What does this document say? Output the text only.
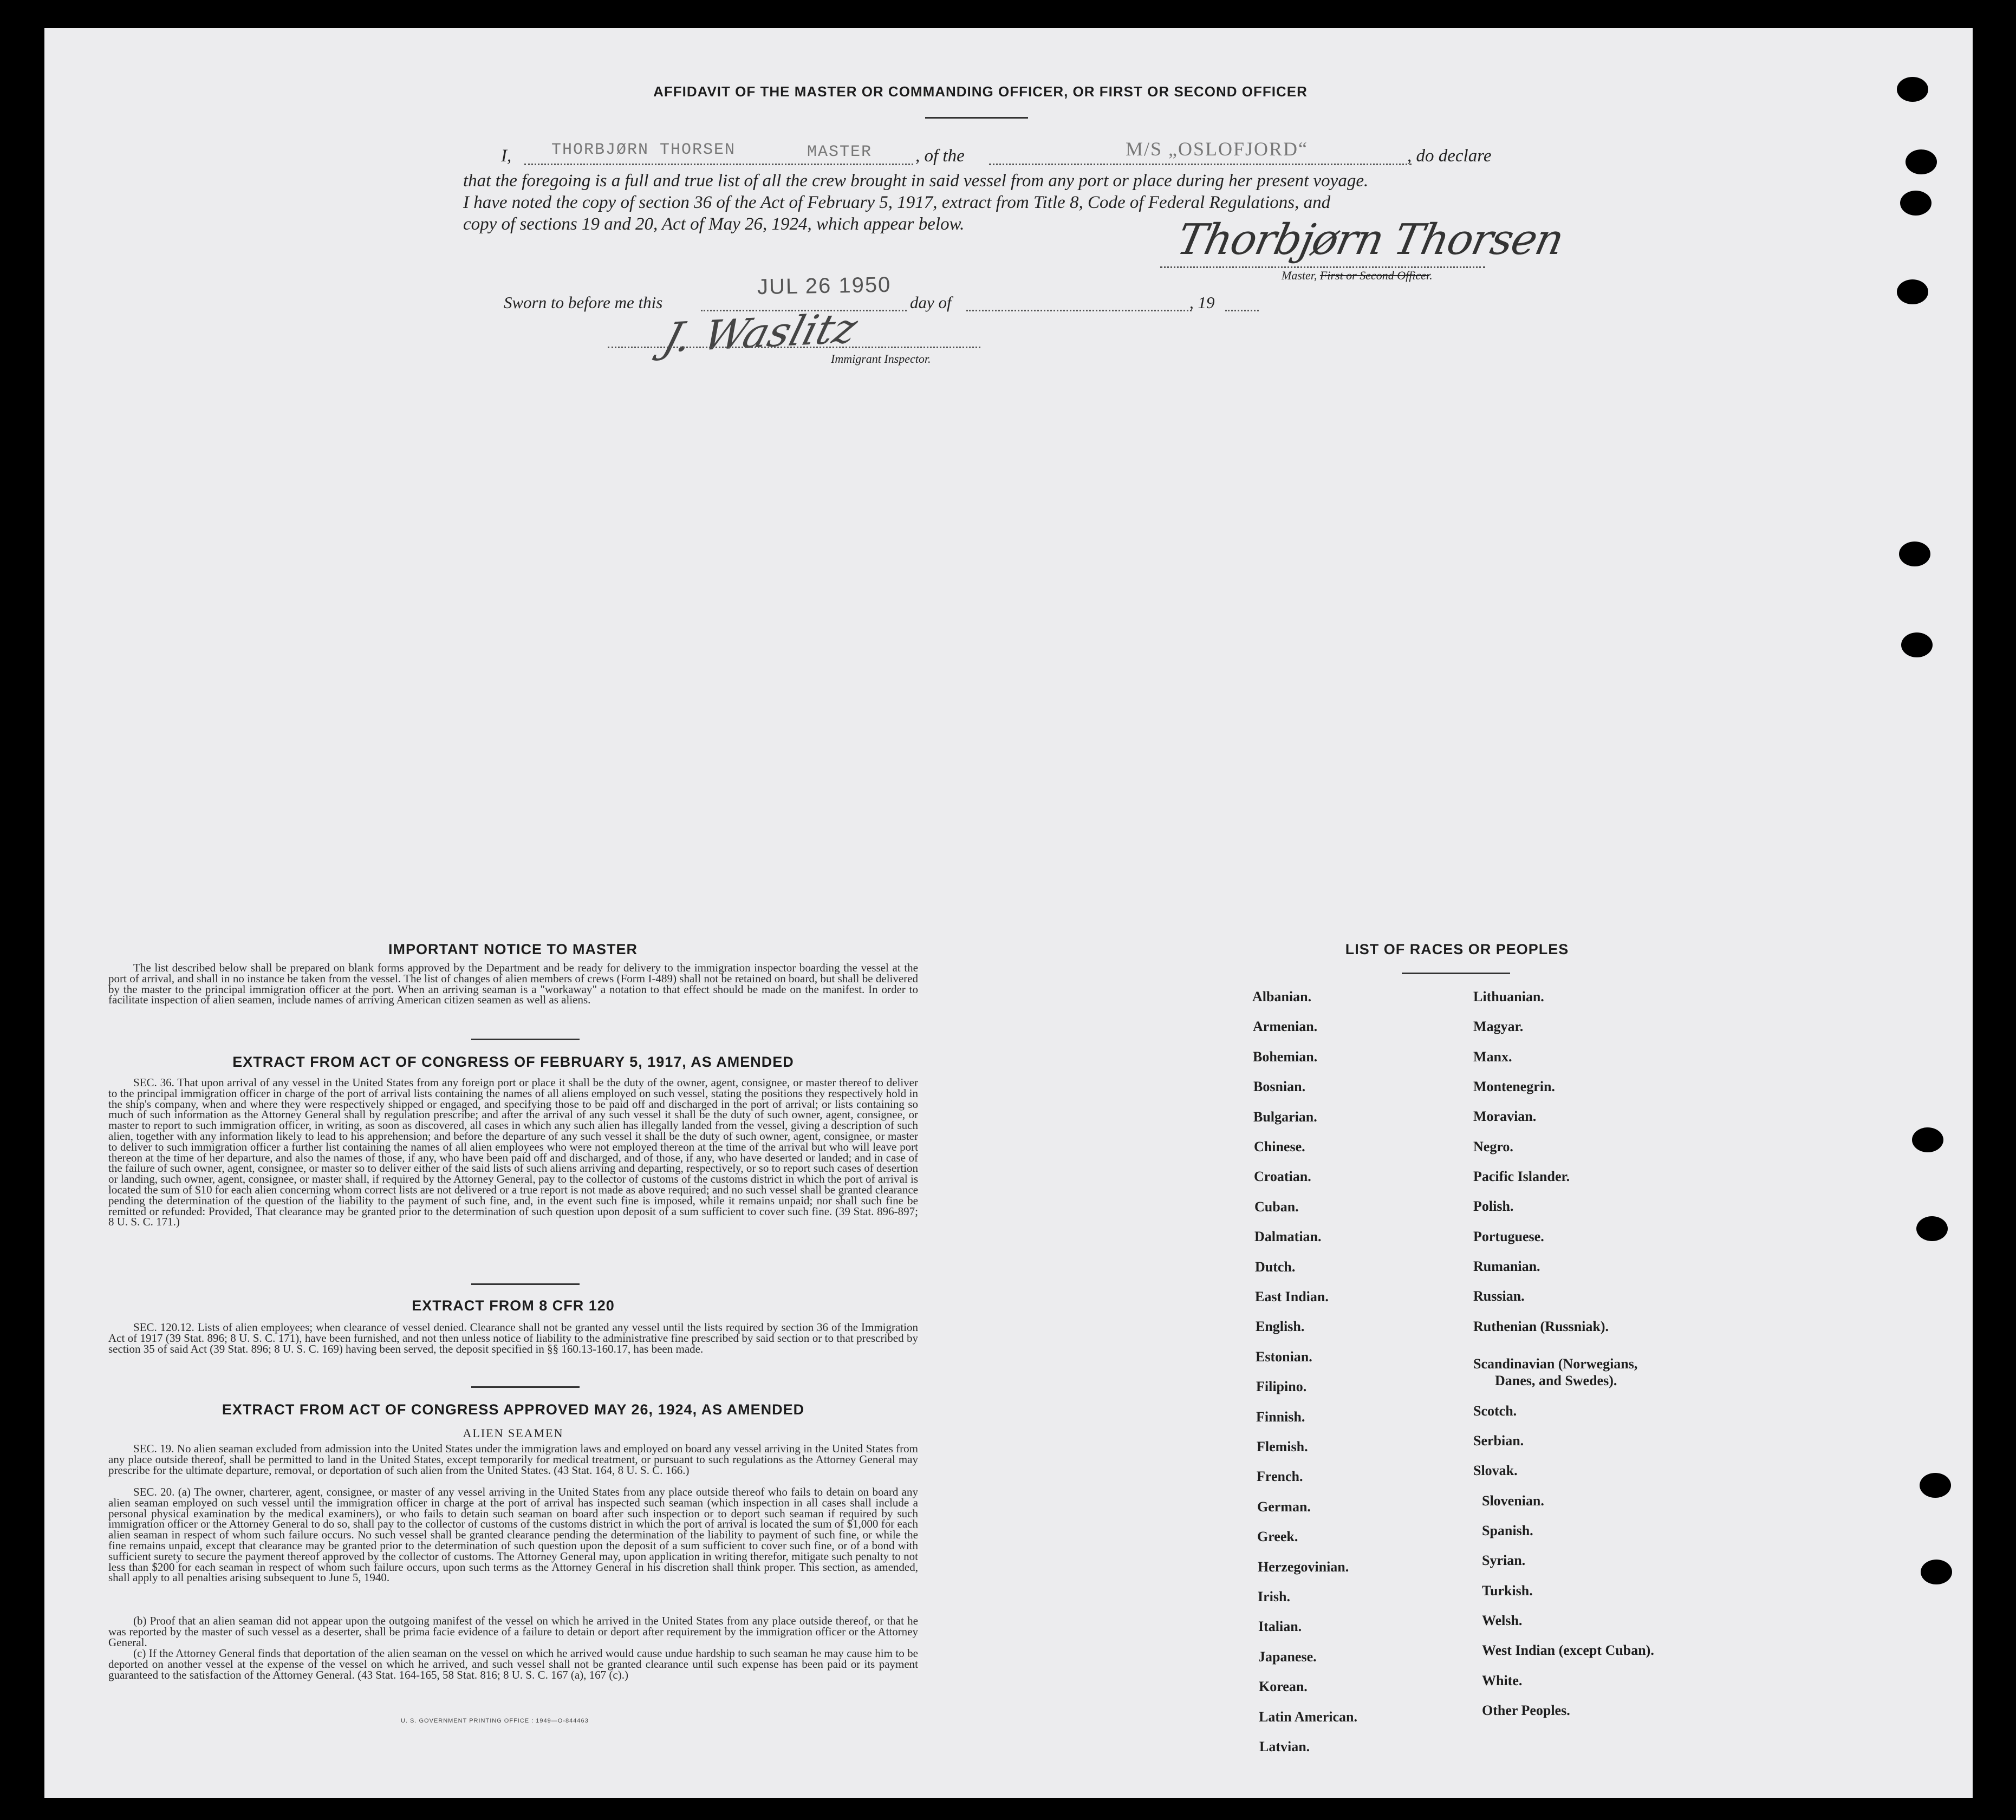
AFFIDAVIT OF THE MASTER OR COMMANDING OFFICER, OR FIRST OR SECOND OFFICER
I, THORBJØRN THORSEN	MASTER , of the	M/S „OSLOFJORD“	, do declare
that the foregoing is a full and true list of all the crew brought in said vessel from any port or place during her present voyage.
I have noted the copy of section 36 of the Act of February 5, 1917, extract from Title 8, Code of Federal Regulations, and
copy of sections 19 and 20, Act of May 26, 1924, which appear below.	Thorbjørn Thorsen
Master, First or Second Officer.
Sworn to before me this
JUL 26 1950
day of	, 19
J. Waslitz
Immigrant Inspector.
IMPORTANT NOTICE TO MASTER
The list described below shall be prepared on blank forms approved by the Department and be ready for delivery to the immigration inspector boarding the vessel at the port of arrival, and shall in no instance be taken from the vessel. The list of changes of alien members of crews (Form I-489) shall not be retained on board, but shall be delivered by the master to the principal immigration officer at the port. When an arriving seaman is a "workaway" a notation to that effect should be made on the manifest. In order to facilitate inspection of alien seamen, include names of arriving American citizen seamen as well as aliens.
EXTRACT FROM ACT OF CONGRESS OF FEBRUARY 5, 1917, AS AMENDED
SEC. 36. That upon arrival of any vessel in the United States from any foreign port or place it shall be the duty of the owner, agent, consignee, or master thereof to deliver to the principal immigration officer in charge of the port of arrival lists containing the names of all aliens employed on such vessel, stating the positions they respectively hold in the ship's company, when and where they were respectively shipped or engaged, and specifying those to be paid off and discharged in the port of arrival; or lists containing so much of such information as the Attorney General shall by regulation prescribe; and after the arrival of any such vessel it shall be the duty of such owner, agent, consignee, or master to report to such immigration officer, in writing, as soon as discovered, all cases in which any such alien has illegally landed from the vessel, giving a description of such alien, together with any information likely to lead to his apprehension; and before the departure of any such vessel it shall be the duty of such owner, agent, consignee, or master to deliver to such immigration officer a further list containing the names of all alien employees who were not employed thereon at the time of the arrival but who will leave port thereon at the time of her departure, and also the names of those, if any, who have been paid off and discharged, and of those, if any, who have deserted or landed; and in case of the failure of such owner, agent, consignee, or master so to deliver either of the said lists of such aliens arriving and departing, respectively, or so to report such cases of desertion or landing, such owner, agent, consignee, or master shall, if required by the Attorney General, pay to the collector of customs of the customs district in which the port of arrival is located the sum of $10 for each alien concerning whom correct lists are not delivered or a true report is not made as above required; and no such vessel shall be granted clearance pending the determination of the question of the liability to the payment of such fine, and, in the event such fine is imposed, while it remains unpaid; nor shall such fine be remitted or refunded: Provided, That clearance may be granted prior to the determination of such question upon deposit of a sum sufficient to cover such fine. (39 Stat. 896-897; 8 U. S. C. 171.)
EXTRACT FROM 8 CFR 120
SEC. 120.12. Lists of alien employees; when clearance of vessel denied. Clearance shall not be granted any vessel until the lists required by section 36 of the Immigration Act of 1917 (39 Stat. 896; 8 U. S. C. 171), have been furnished, and not then unless notice of liability to the administrative fine prescribed by said section or to that prescribed by section 35 of said Act (39 Stat. 896; 8 U. S. C. 169) having been served, the deposit specified in §§ 160.13-160.17, has been made.
EXTRACT FROM ACT OF CONGRESS APPROVED MAY 26, 1924, AS AMENDED
ALIEN SEAMEN
SEC. 19. No alien seaman excluded from admission into the United States under the immigration laws and employed on board any vessel arriving in the United States from any place outside thereof, shall be permitted to land in the United States, except temporarily for medical treatment, or pursuant to such regulations as the Attorney General may prescribe for the ultimate departure, removal, or deportation of such alien from the United States. (43 Stat. 164, 8 U. S. C. 166.)
SEC. 20. (a) The owner, charterer, agent, consignee, or master of any vessel arriving in the United States from any place outside thereof who fails to detain on board any alien seaman employed on such vessel until the immigration officer in charge at the port of arrival has inspected such seaman (which inspection in all cases shall include a personal physical examination by the medical examiners), or who fails to detain such seaman on board after such inspection or to deport such seaman if required by such immigration officer or the Attorney General to do so, shall pay to the collector of customs of the customs district in which the port of arrival is located the sum of $1,000 for each alien seaman in respect of whom such failure occurs. No such vessel shall be granted clearance pending the determination of the liability to payment of such fine, or while the fine remains unpaid, except that clearance may be granted prior to the determination of such question upon the deposit of a sum sufficient to cover such fine, or of a bond with sufficient surety to secure the payment thereof approved by the collector of customs. The Attorney General may, upon application in writing therefor, mitigate such penalty to not less than $200 for each seaman in respect of whom such failure occurs, upon such terms as the Attorney General in his discretion shall think proper. This section, as amended, shall apply to all penalties arising subsequent to June 5, 1940.
(b) Proof that an alien seaman did not appear upon the outgoing manifest of the vessel on which he arrived in the United States from any place outside thereof, or that he was reported by the master of such vessel as a deserter, shall be prima facie evidence of a failure to detain or deport after requirement by the immigration officer or the Attorney General.
(c) If the Attorney General finds that deportation of the alien seaman on the vessel on which he arrived would cause undue hardship to such seaman he may cause him to be deported on another vessel at the expense of the vessel on which he arrived, and such vessel shall not be granted clearance until such expense has been paid or its payment guaranteed to the satisfaction of the Attorney General. (43 Stat. 164-165, 58 Stat. 816; 8 U. S. C. 167 (a), 167 (c).)
U. S. GOVERNMENT PRINTING OFFICE : 1949—O-844463
LIST OF RACES OR PEOPLES
Albanian.
Armenian.
Bohemian.
Bosnian.
Bulgarian.
Chinese.
Croatian.
Cuban.
Dalmatian.
Dutch.
East Indian.
English.
Estonian.
Filipino.
Finnish.
Flemish.
French.
German.
Greek.
Herzegovinian.
Irish.
Italian.
Japanese.
Korean.
Latin American.
Latvian.
Lithuanian.
Magyar.
Manx.
Montenegrin.
Moravian.
Negro.
Pacific Islander.
Polish.
Portuguese.
Rumanian.
Russian.
Ruthenian (Russniak).
Scandinavian (Norwegians,
Danes, and Swedes).
Scotch.
Serbian.
Slovak.
Slovenian.
Spanish.
Syrian.
Turkish.
Welsh.
West Indian (except Cuban).
White.
Other Peoples.
